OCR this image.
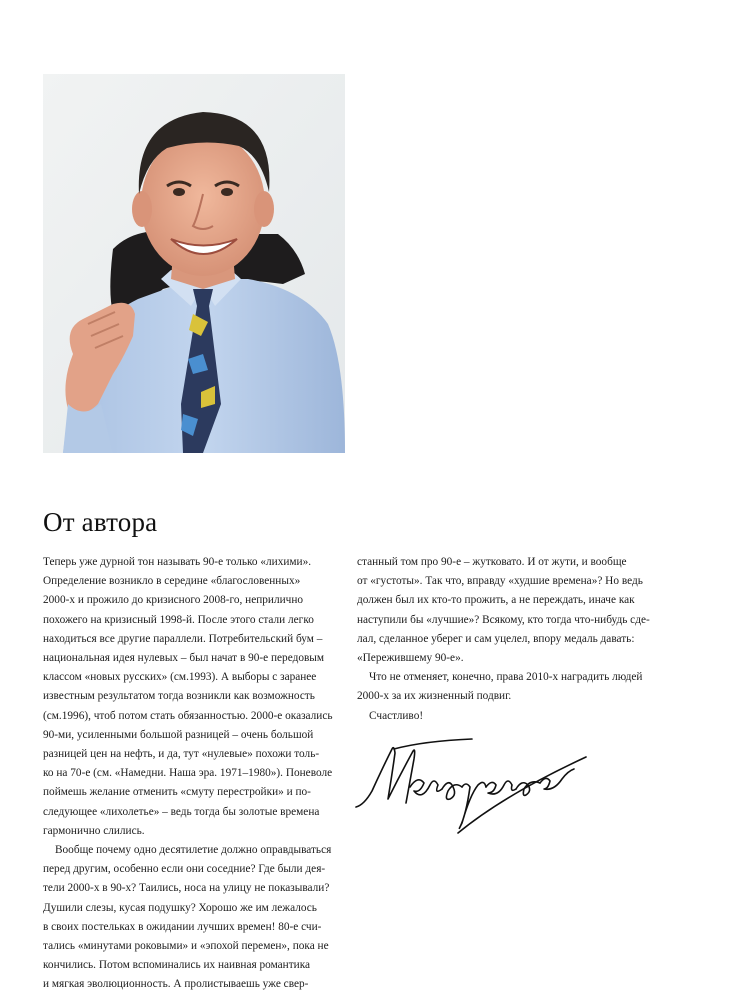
От автора

Теперь уже дурной тон называть 90-е только «лихими».
Определение возникло в середине «благословенных»
2000-х и прожило до кризисного 2008-го, неприлично
похожего на кризисный 1998-й. После этого стали легко
находиться все другие параллели. Потребительский бум –
национальная идея нулевых – был начат в 90-е передовым
классом «новых русских» (см.1993). А выборы с заранее
известным результатом тогда возникли как возможность
(см.1996), чтоб потом стать обязанностью. 2000-е оказались
90-ми, усиленными большой разницей – очень большой
разницей цен на нефть, и да, тут «нулевые» похожи толь-
ко на 70-е (см. «Намедни. Наша эра. 1971–1980»). Поневоле
поймешь желание отменить «смуту перестройки» и по-
следующее «лихолетье» – ведь тогда бы золотые времена
гармонично слились.

Вообще почему одно десятилетие должно оправдываться
перед другим, особенно если они соседние? Где были дея-
тели 2000-х в 90-х? Таились, носа на улицу не показывали?
Душили слезы, кусая подушку? Хорошо же им лежалось
в своих постельках в ожидании лучших времен! 80-е счи-
тались «минутами роковыми» и «эпохой перемен», пока не
кончились. Потом вспоминались их наивная романтика
и мягкая эволюционность. А пролистываешь уже свер-

станный том про 90-е – жутковато. И от жути, и вообще
от «густоты». Так что, вправду «худшие времена»? Но ведь
должен был их кто-то прожить, а не переждать, иначе как
наступили бы «лучшие»? Всякому, кто тогда что-нибудь сде-
лал, сделанное уберег и сам уцелел, впору медаль давать:
«Пережившему 90-е».

Что не отменяет, конечно, права 2010-х наградить людей
2000-х за их жизненный подвиг.

Счастливо!
